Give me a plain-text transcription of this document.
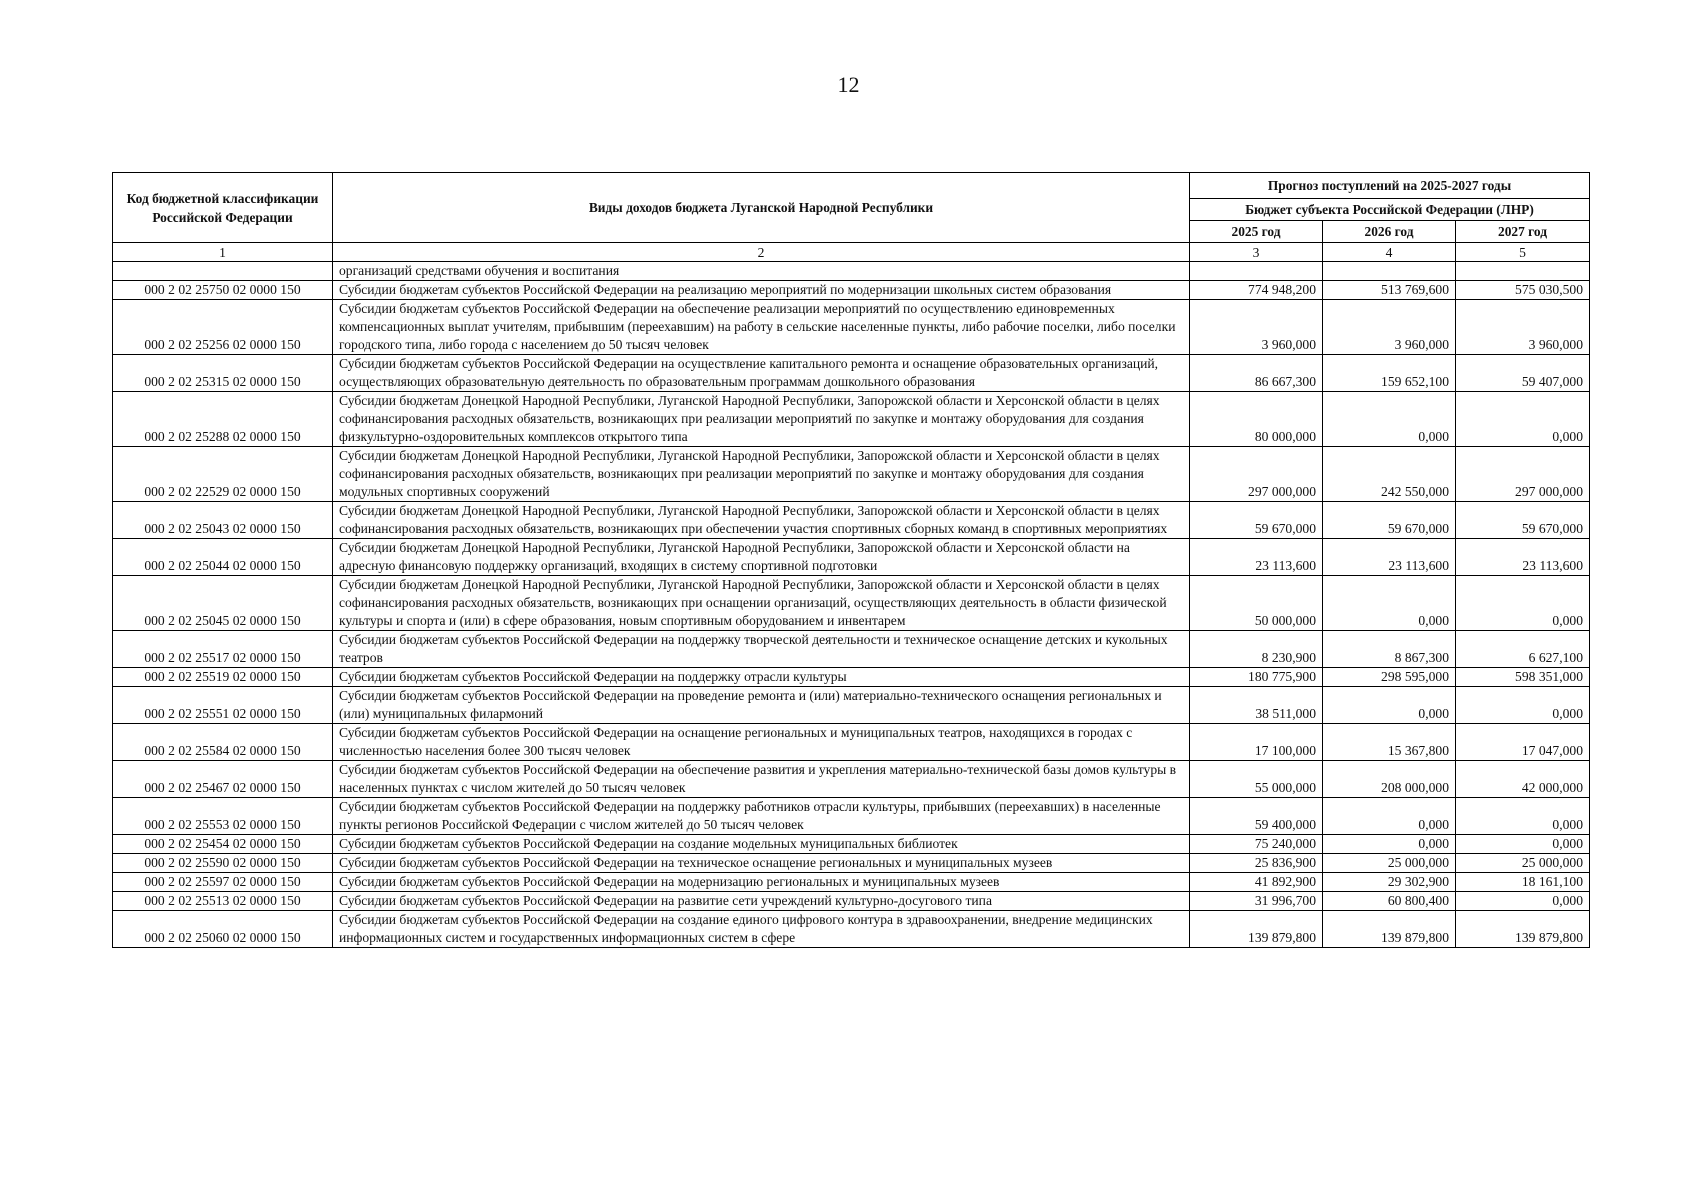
12
Код бюджетной классификации Российской Федерации	Виды доходов бюджета Луганской Народной Республики	Прогноз поступлений на 2025-2027 годы		
		Бюджет субъекта Российской Федерации (ЛНР)		
		2025 год	2026 год	2027 год
1	2	3	4	5
	организаций средствами обучения и воспитания			
000 2 02 25750 02 0000 150	Субсидии бюджетам субъектов Российской Федерации на реализацию мероприятий по модернизации школьных систем образования	774 948,200	513 769,600	575 030,500
000 2 02 25256 02 0000 150	Субсидии бюджетам субъектов Российской Федерации на обеспечение реализации мероприятий по осуществлению единовременных компенсационных выплат учителям, прибывшим (переехавшим) на работу в сельские населенные пункты, либо рабочие поселки, либо поселки городского типа, либо города с населением до 50 тысяч человек	3 960,000	3 960,000	3 960,000
000 2 02 25315 02 0000 150	Субсидии бюджетам субъектов Российской Федерации на осуществление капитального ремонта и оснащение образовательных организаций, осуществляющих образовательную деятельность по образовательным программам дошкольного образования	86 667,300	159 652,100	59 407,000
000 2 02 25288 02 0000 150	Субсидии бюджетам Донецкой Народной Республики, Луганской Народной Республики, Запорожской области и Херсонской области в целях софинансирования расходных обязательств, возникающих при реализации мероприятий по закупке и монтажу оборудования для создания физкультурно-оздоровительных комплексов открытого типа	80 000,000	0,000	0,000
000 2 02 22529 02 0000 150	Субсидии бюджетам Донецкой Народной Республики, Луганской Народной Республики, Запорожской области и Херсонской области в целях софинансирования расходных обязательств, возникающих при реализации мероприятий по закупке и монтажу оборудования для создания модульных спортивных сооружений	297 000,000	242 550,000	297 000,000
000 2 02 25043 02 0000 150	Субсидии бюджетам Донецкой Народной Республики, Луганской Народной Республики, Запорожской области и Херсонской области в целях софинансирования расходных обязательств, возникающих при обеспечении участия спортивных сборных команд в спортивных мероприятиях	59 670,000	59 670,000	59 670,000
000 2 02 25044 02 0000 150	Субсидии бюджетам Донецкой Народной Республики, Луганской Народной Республики, Запорожской области и Херсонской области на адресную финансовую поддержку организаций, входящих в систему спортивной подготовки	23 113,600	23 113,600	23 113,600
000 2 02 25045 02 0000 150	Субсидии бюджетам Донецкой Народной Республики, Луганской Народной Республики, Запорожской области и Херсонской области в целях софинансирования расходных обязательств, возникающих при оснащении организаций, осуществляющих деятельность в области физической культуры и спорта и (или) в сфере образования, новым спортивным оборудованием и инвентарем	50 000,000	0,000	0,000
000 2 02 25517 02 0000 150	Субсидии бюджетам субъектов Российской Федерации на поддержку творческой деятельности и техническое оснащение детских и кукольных театров	8 230,900	8 867,300	6 627,100
000 2 02 25519 02 0000 150	Субсидии бюджетам субъектов Российской Федерации на поддержку отрасли культуры	180 775,900	298 595,000	598 351,000
000 2 02 25551 02 0000 150	Субсидии бюджетам субъектов Российской Федерации на проведение ремонта и (или) материально-технического оснащения региональных и (или) муниципальных филармоний	38 511,000	0,000	0,000
000 2 02 25584 02 0000 150	Субсидии бюджетам субъектов Российской Федерации на оснащение региональных и муниципальных театров, находящихся в городах с численностью населения более 300 тысяч человек	17 100,000	15 367,800	17 047,000
000 2 02 25467 02 0000 150	Субсидии бюджетам субъектов Российской Федерации на обеспечение развития и укрепления материально-технической базы домов культуры в населенных пунктах с числом жителей до 50 тысяч человек	55 000,000	208 000,000	42 000,000
000 2 02 25553 02 0000 150	Субсидии бюджетам субъектов Российской Федерации на поддержку работников отрасли культуры, прибывших (переехавших) в населенные пункты регионов Российской Федерации с числом жителей до 50 тысяч человек	59 400,000	0,000	0,000
000 2 02 25454 02 0000 150	Субсидии бюджетам субъектов Российской Федерации на создание модельных муниципальных библиотек	75 240,000	0,000	0,000
000 2 02 25590 02 0000 150	Субсидии бюджетам субъектов Российской Федерации на техническое оснащение региональных и муниципальных музеев	25 836,900	25 000,000	25 000,000
000 2 02 25597 02 0000 150	Субсидии бюджетам субъектов Российской Федерации на модернизацию региональных и муниципальных музеев	41 892,900	29 302,900	18 161,100
000 2 02 25513 02 0000 150	Субсидии бюджетам субъектов Российской Федерации на развитие сети учреждений культурно-досугового типа	31 996,700	60 800,400	0,000
000 2 02 25060 02 0000 150	Субсидии бюджетам субъектов Российской Федерации на создание единого цифрового контура в здравоохранении, внедрение медицинских информационных систем и государственных информационных систем в сфере	139 879,800	139 879,800	139 879,800
